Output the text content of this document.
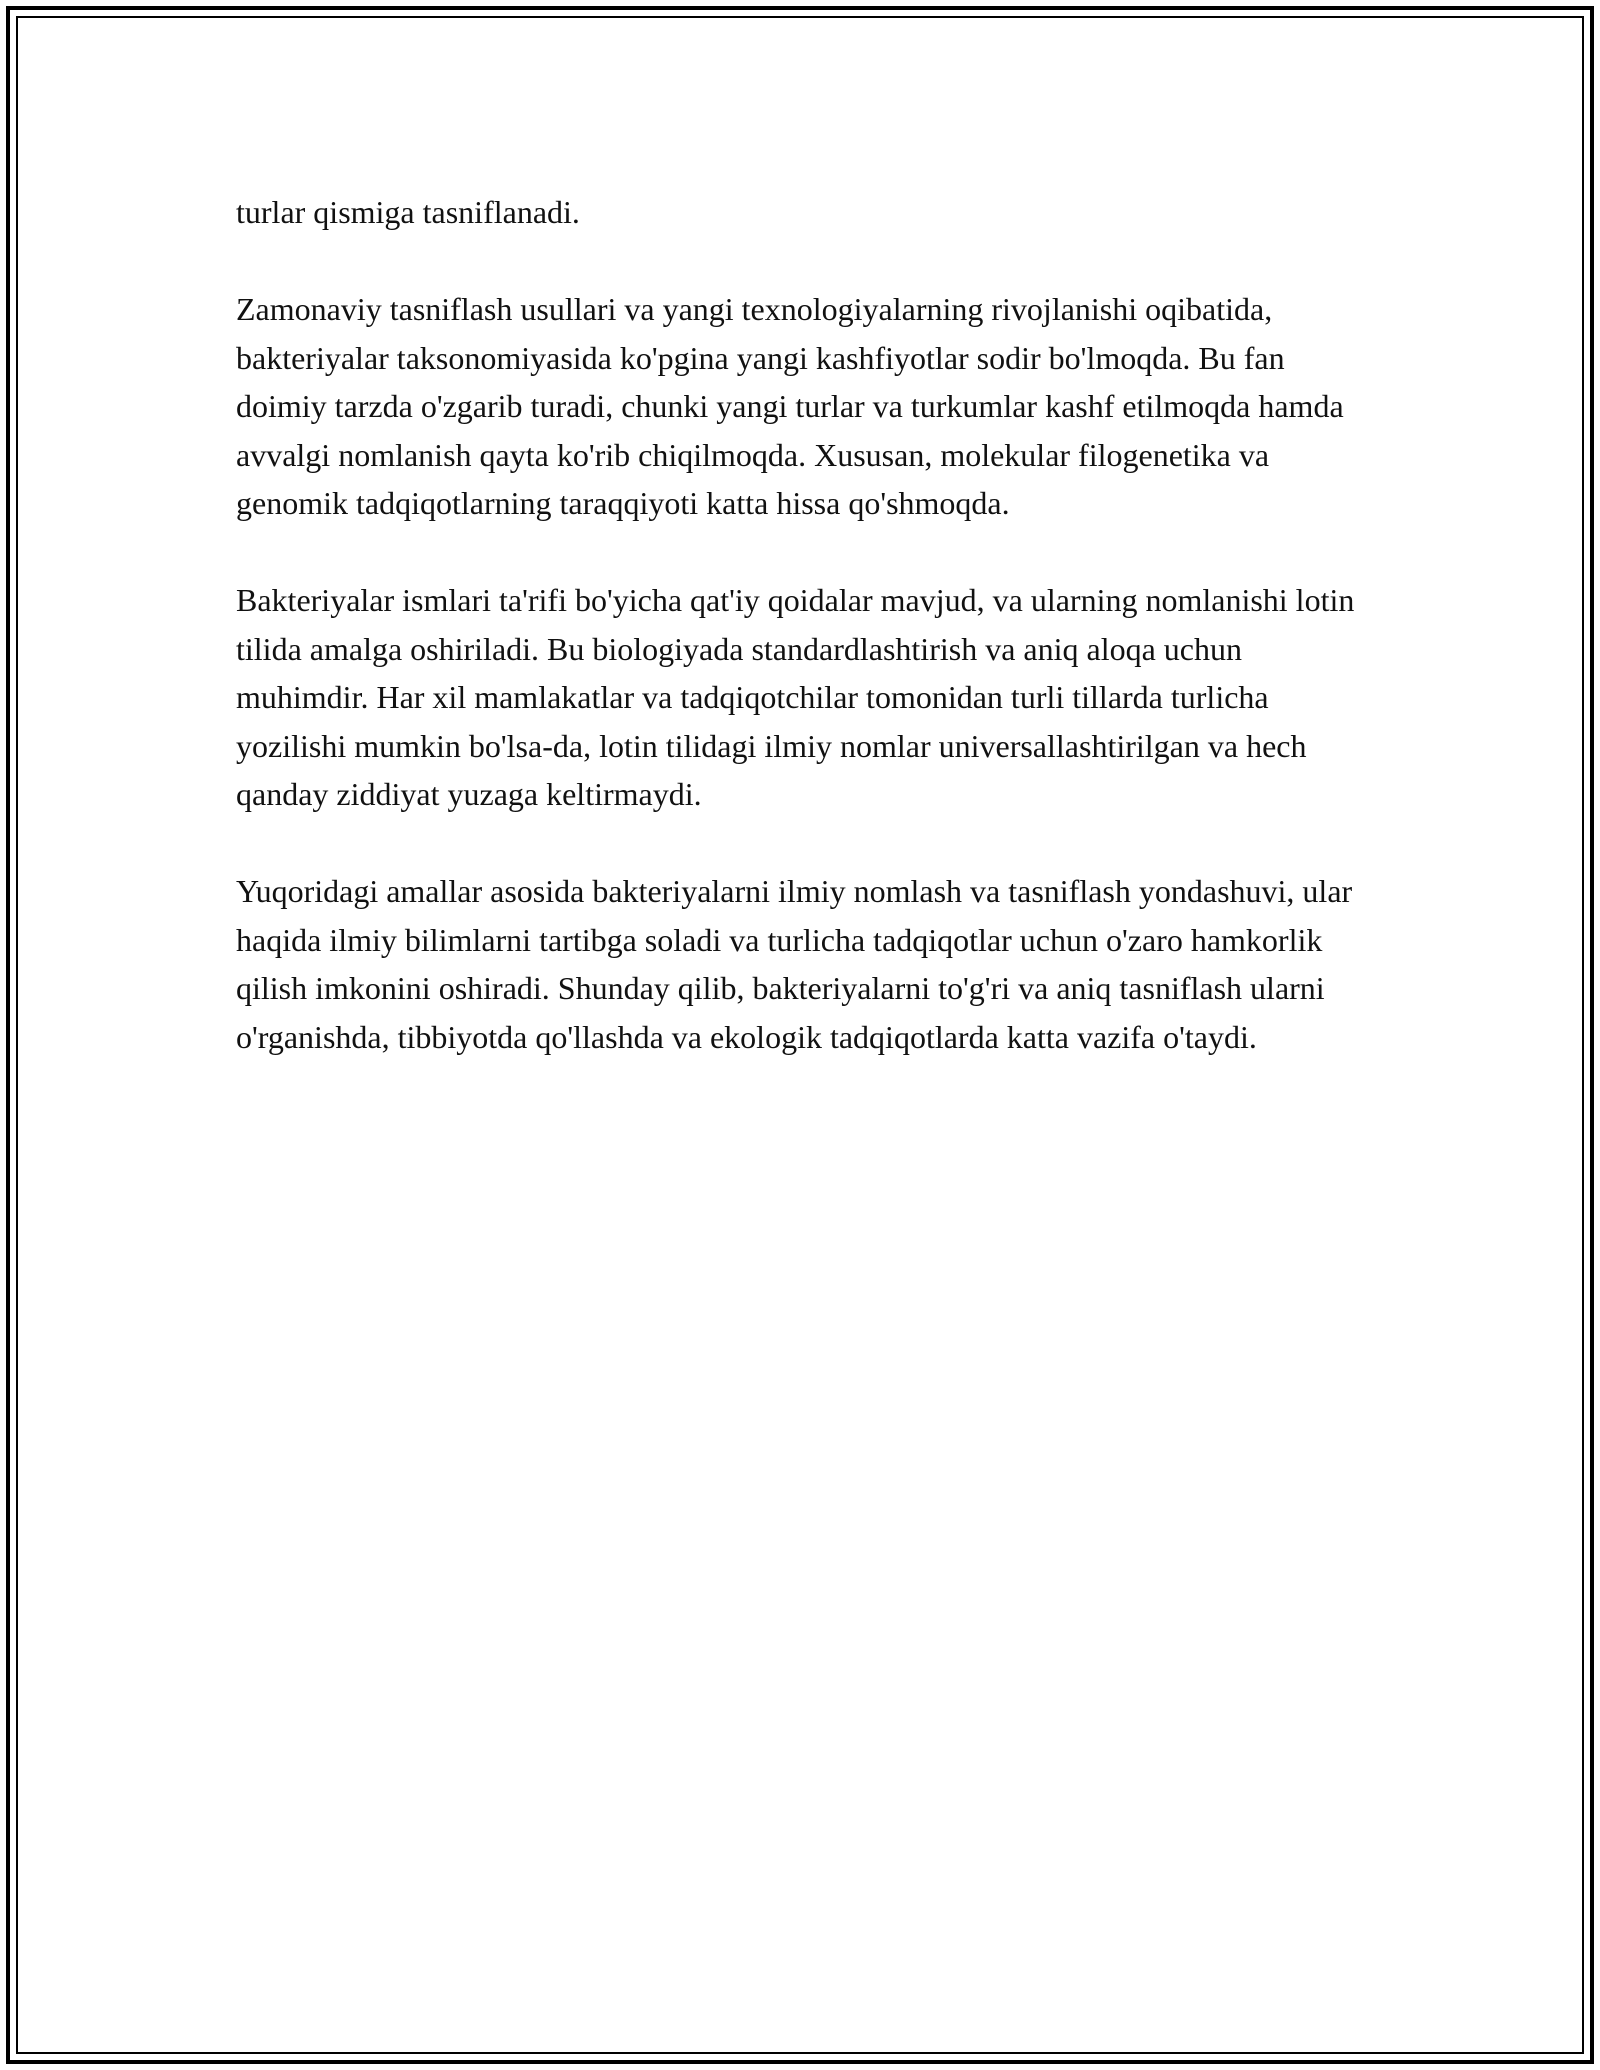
turlar qismiga tasniflanadi.

Zamonaviy tasniflash usullari va yangi texnologiyalarning rivojlanishi oqibatida, bakteriyalar taksonomiyasida ko'pgina yangi kashfiyotlar sodir bo'lmoqda. Bu fan doimiy tarzda o'zgarib turadi, chunki yangi turlar va turkumlar kashf etilmoqda hamda avvalgi nomlanish qayta ko'rib chiqilmoqda. Xususan, molekular filogenetika va genomik tadqiqotlarning taraqqiyoti katta hissa qo'shmoqda.

Bakteriyalar ismlari ta'rifi bo'yicha qat'iy qoidalar mavjud, va ularning nomlanishi lotin tilida amalga oshiriladi. Bu biologiyada standardlashtirish va aniq aloqa uchun muhimdir. Har xil mamlakatlar va tadqiqotchilar tomonidan turli tillarda turlicha yozilishi mumkin bo'lsa-da, lotin tilidagi ilmiy nomlar universallashtirilgan va hech qanday ziddiyat yuzaga keltirmaydi.

Yuqoridagi amallar asosida bakteriyalarni ilmiy nomlash va tasniflash yondashuvi, ular haqida ilmiy bilimlarni tartibga soladi va turlicha tadqiqotlar uchun o'zaro hamkorlik qilish imkonini oshiradi. Shunday qilib, bakteriyalarni to'g'ri va aniq tasniflash ularni o'rganishda, tibbiyotda qo'llashda va ekologik tadqiqotlarda katta vazifa o'taydi.
